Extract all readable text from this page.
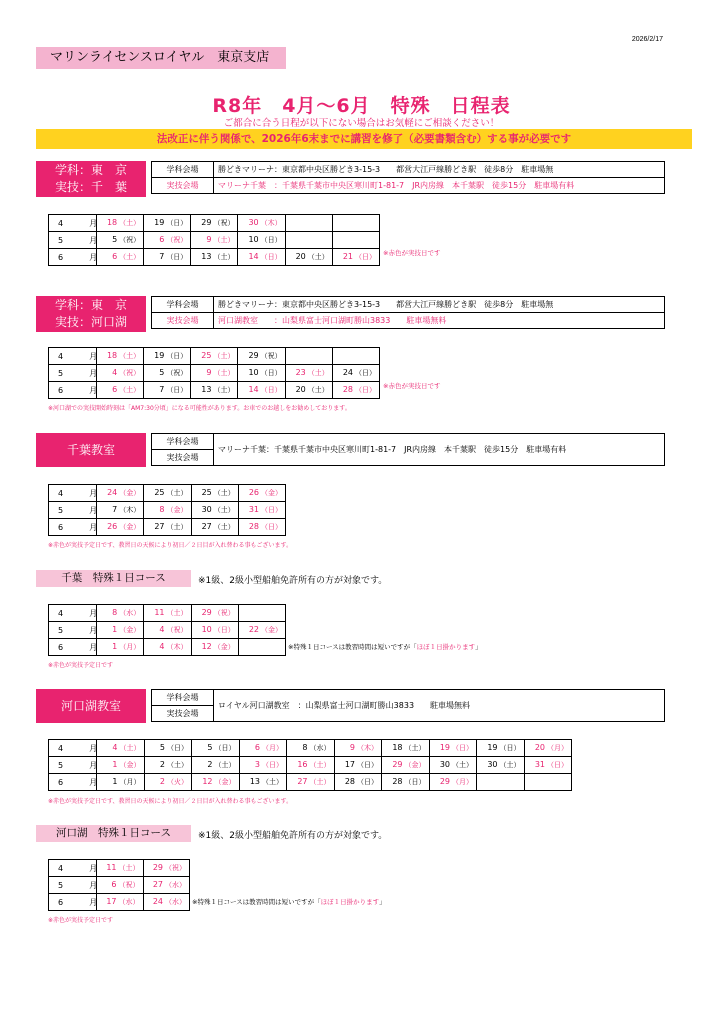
2026/2/17
マリンライセンスロイヤル　東京支店
R8年　4月～6月　特殊　日程表
ご都合に合う日程が以下にない場合はお気軽にご相談ください！
法改正に伴う関係で、2026年6末までに講習を修了（必要書類含む）する事が必要です
学科：東　京
実技：千　葉
学科会場	勝どきマリーナ：東京都中央区勝どき3-15-3　　都営大江戸線勝どき駅　徒歩8分　駐車場無
実技会場	マリーナ千葉　：千葉県千葉市中央区寒川町1-81-7　JR内房線　本千葉駅　徒歩15分　駐車場有料
4　月	18 （土）	19 （日）	29 （祝）	30 （木）		
5　月	5 （祝）	6 （祝）	9 （土）	10 （日）		
6　月	6 （土）	7 （日）	13 （土）	14 （日）	20 （土）	21 （日） ※赤色が実技日です
学科：東　京
実技：河口湖
学科会場	勝どきマリーナ：東京都中央区勝どき3-15-3　　都営大江戸線勝どき駅　徒歩8分　駐車場無
実技会場	河口湖教室　　：山梨県富士河口湖町勝山3833　　駐車場無料
4　月	18 （土）	19 （日）	25 （土）	29 （祝）		
5　月	4 （祝）	5 （祝）	9 （土）	10 （日）	23 （土）	24 （日）
6　月	6 （土）	7 （日）	13 （土）	14 （日）	20 （土）	28 （日） ※赤色が実技日です
※河口湖での実技開始時刻は「AM7:30分頃」になる可能性があります。お車でのお越しをお勧めしております。
千葉教室
学科会場	マリーナ千葉：千葉県千葉市中央区寒川町1-81-7　JR内房線　本千葉駅　徒歩15分　駐車場有料
実技会場
4　月	24 （金）	25 （土）	25 （土）	26 （金）
5　月	7 （木）	8 （金）	30 （土）	31 （日）
6　月	26 （金）	27 （土）	27 （土）	28 （日）
※赤色が実技予定日です、教習日の天候により初日／２日目が入れ替わる事もございます。
千葉　特殊１日コース	※1級、2級小型船舶免許所有の方が対象です。
4　月	8 （水）	11 （土）	29 （祝）	
5　月	1 （金）	4 （祝）	10 （日）	22 （金）
6　月	1 （月）	4 （木）	12 （金）		※特殊１日コースは教習時間は短いですが「ほぼ１日掛かります」
※赤色が実技予定日です
河口湖教室
学科会場	ロイヤル河口湖教室　：山梨県富士河口湖町勝山3833　　駐車場無料
実技会場
4　月	4 （土）	5 （日）	5 （日）	6 （月）	8 （水）	9 （木）	18 （土）	19 （日）	19 （日）	20 （月）
5　月	1 （金）	2 （土）	2 （土）	3 （日）	16 （土）	17 （日）	29 （金）	30 （土）	30 （土）	31 （日）
6　月	1 （月）	2 （火）	12 （金）	13 （土）	27 （土）	28 （日）	28 （日）	29 （月）		
※赤色が実技予定日です、教習日の天候により初日／２日目が入れ替わる事もございます。
河口湖　特殊１日コース	※1級、2級小型船舶免許所有の方が対象です。
4　月	11 （土）	29 （祝）
5　月	6 （祝）	27 （水）
6　月	17 （水）	24 （水） ※特殊１日コースは教習時間は短いですが「ほぼ１日掛かります」
※赤色が実技予定日です
